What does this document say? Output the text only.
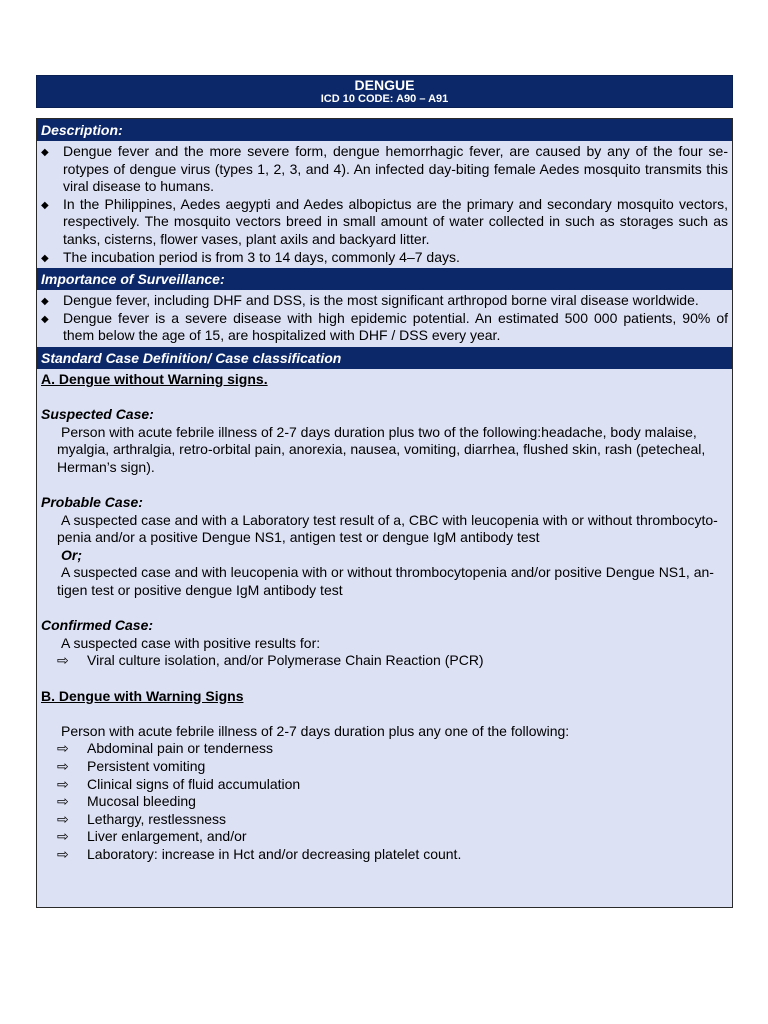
DENGUE
ICD 10 CODE: A90 – A91
Description:
◆ Dengue fever and the more severe form, dengue hemorrhagic fever, are caused by any of the four se-rotypes of dengue virus (types 1, 2, 3, and 4). An infected day-biting female Aedes mosquito transmits this viral disease to humans.
◆ In the Philippines, Aedes aegypti and Aedes albopictus are the primary and secondary mosquito vectors, respectively. The mosquito vectors breed in small amount of water collected in such as storages such as tanks, cisterns, flower vases, plant axils and backyard litter.
◆ The incubation period is from 3 to 14 days, commonly 4–7 days.
Importance of Surveillance:
◆ Dengue fever, including DHF and DSS, is the most significant arthropod borne viral disease worldwide.
◆ Dengue fever is a severe disease with high epidemic potential. An estimated 500 000 patients, 90% of them below the age of 15, are hospitalized with DHF / DSS every year.
Standard Case Definition/ Case classification
A. Dengue without Warning signs.
Suspected Case:
Person with acute febrile illness of 2-7 days duration plus two of the following:headache, body malaise, myalgia, arthralgia, retro-orbital pain, anorexia, nausea, vomiting, diarrhea, flushed skin, rash (petecheal, Herman’s sign).
Probable Case:
A suspected case and with a Laboratory test result of a, CBC with leucopenia with or without thrombocyto-penia and/or a positive Dengue NS1, antigen test or dengue IgM antibody test
Or;
A suspected case and with leucopenia with or without thrombocytopenia and/or positive Dengue NS1, an-tigen test or positive dengue IgM antibody test
Confirmed Case:
A suspected case with positive results for:
⇨ Viral culture isolation, and/or Polymerase Chain Reaction (PCR)
B. Dengue with Warning Signs
Person with acute febrile illness of 2-7 days duration plus any one of the following:
⇨ Abdominal pain or tenderness
⇨ Persistent vomiting
⇨ Clinical signs of fluid accumulation
⇨ Mucosal bleeding
⇨ Lethargy, restlessness
⇨ Liver enlargement, and/or
⇨ Laboratory: increase in Hct and/or decreasing platelet count.
